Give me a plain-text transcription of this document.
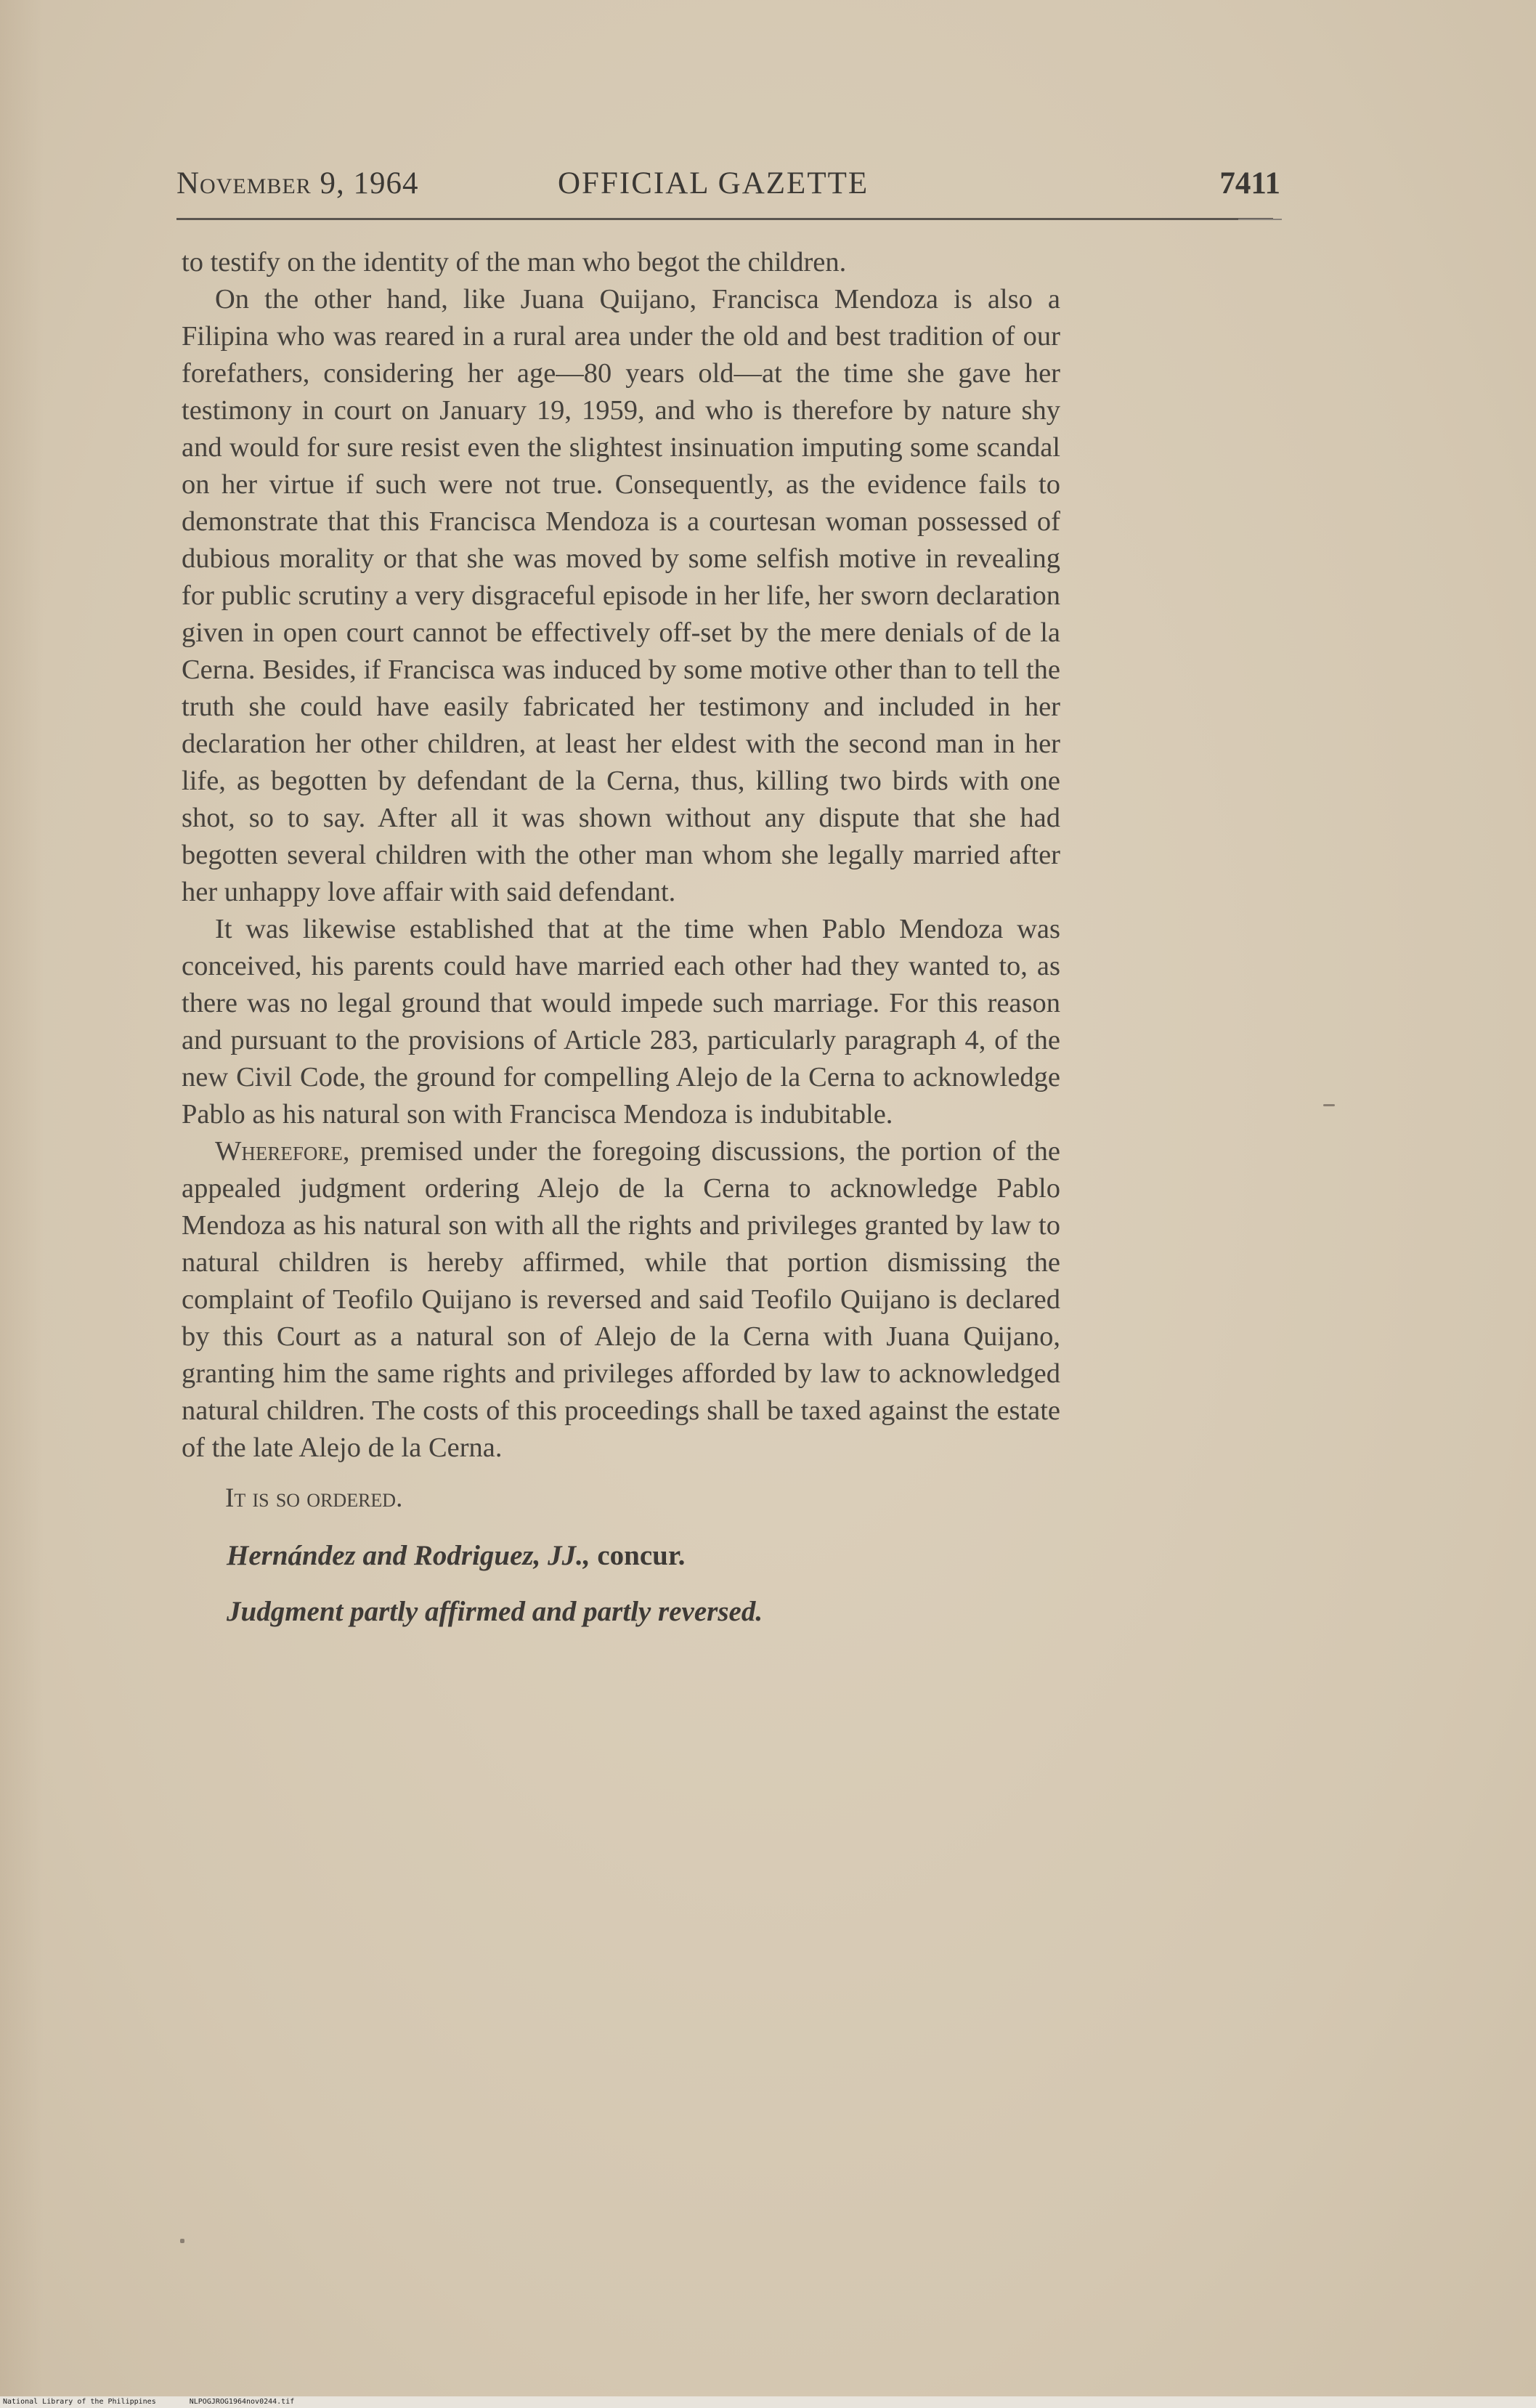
November 9, 1964	OFFICIAL GAZETTE	7411

to testify on the identity of the man who begot the children.

On the other hand, like Juana Quijano, Francisca Mendoza is also a Filipina who was reared in a rural area under the old and best tradition of our forefathers, considering her age—80 years old—at the time she gave her testimony in court on January 19, 1959, and who is therefore by nature shy and would for sure resist even the slightest insinuation imputing some scandal on her virtue if such were not true. Consequently, as the evidence fails to demonstrate that this Francisca Mendoza is a courtesan woman possessed of dubious morality or that she was moved by some selfish motive in revealing for public scrutiny a very disgraceful episode in her life, her sworn declaration given in open court cannot be effectively off-set by the mere denials of de la Cerna. Besides, if Francisca was induced by some motive other than to tell the truth she could have easily fabricated her testimony and included in her declaration her other children, at least her eldest with the second man in her life, as begotten by defendant de la Cerna, thus, killing two birds with one shot, so to say. After all it was shown without any dispute that she had begotten several children with the other man whom she legally married after her unhappy love affair with said defendant.

It was likewise established that at the time when Pablo Mendoza was conceived, his parents could have married each other had they wanted to, as there was no legal ground that would impede such marriage. For this reason and pursuant to the provisions of Article 283, particularly paragraph 4, of the new Civil Code, the ground for compelling Alejo de la Cerna to acknowledge Pablo as his natural son with Francisca Mendoza is indubitable.

Wherefore, premised under the foregoing discussions, the portion of the appealed judgment ordering Alejo de la Cerna to acknowledge Pablo Mendoza as his natural son with all the rights and privileges granted by law to natural children is hereby affirmed, while that portion dismissing the complaint of Teofilo Quijano is reversed and said Teofilo Quijano is declared by this Court as a natural son of Alejo de la Cerna with Juana Quijano, granting him the same rights and privileges afforded by law to acknowledged natural children. The costs of this proceedings shall be taxed against the estate of the late Alejo de la Cerna.

It is so ordered.

Hernández and Rodriguez, JJ., concur.

Judgment partly affirmed and partly reversed.

National Library of the Philippines	NLPOGJROG1964nov0244.tif
